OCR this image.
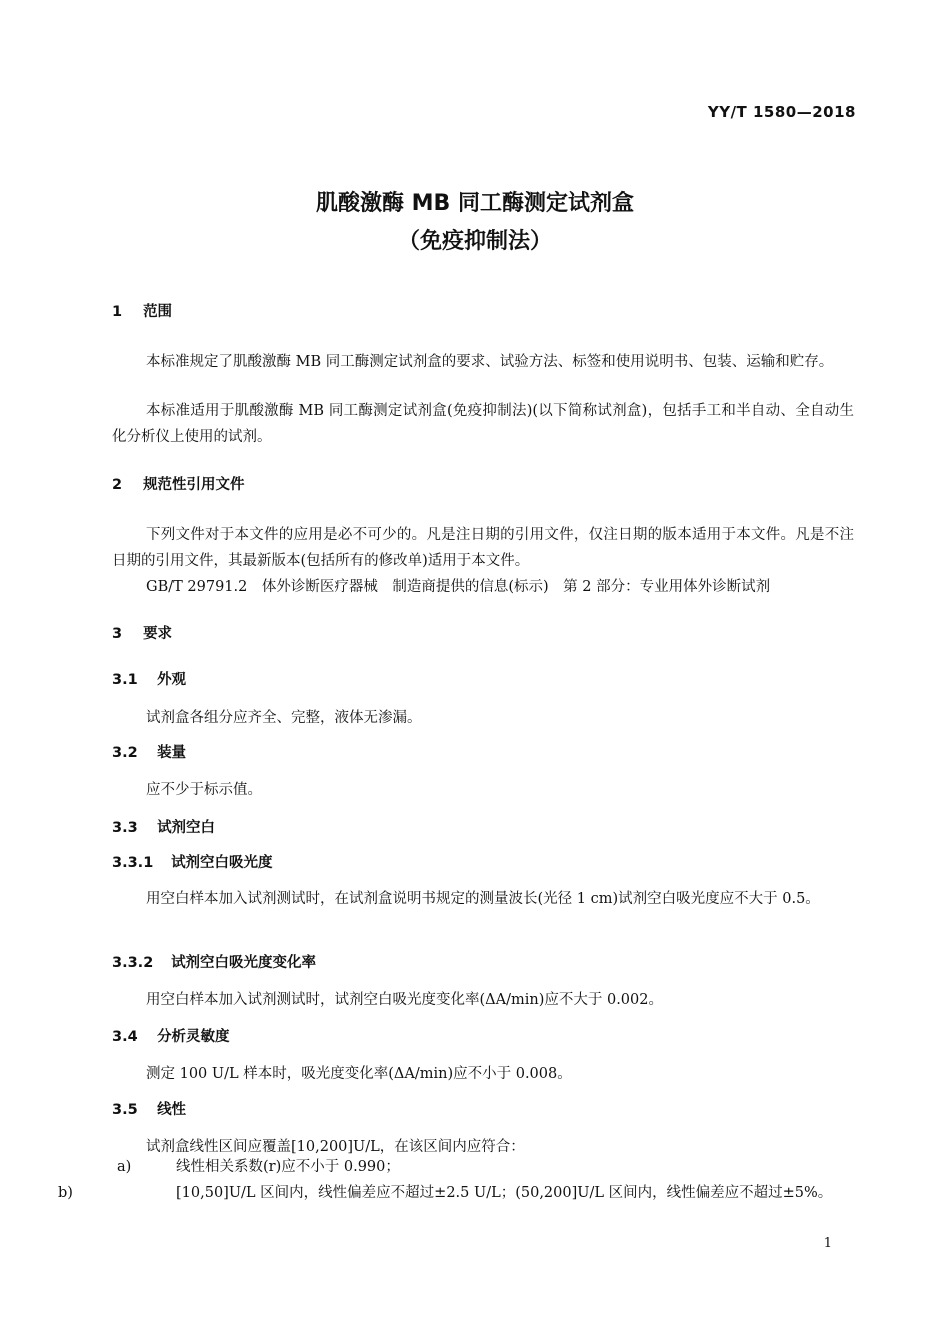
YY/T 1580—2018
肌酸激酶 MB 同工酶测定试剂盒
（免疫抑制法）
1 范围
本标准规定了肌酸激酶 MB 同工酶测定试剂盒的要求、试验方法、标签和使用说明书、包装、运输和贮存。
本标准适用于肌酸激酶 MB 同工酶测定试剂盒(免疫抑制法)(以下简称试剂盒)，包括手工和半自动、全自动生化分析仪上使用的试剂。
2 规范性引用文件
下列文件对于本文件的应用是必不可少的。凡是注日期的引用文件，仅注日期的版本适用于本文件。凡是不注日期的引用文件，其最新版本(包括所有的修改单)适用于本文件。
GB/T 29791.2　体外诊断医疗器械　制造商提供的信息(标示)　第 2 部分：专业用体外诊断试剂
3 要求
3.1 外观
试剂盒各组分应齐全、完整，液体无渗漏。
3.2 装量
应不少于标示值。
3.3 试剂空白
3.3.1 试剂空白吸光度
用空白样本加入试剂测试时，在试剂盒说明书规定的测量波长(光径 1 cm)试剂空白吸光度应不大于 0.5。
3.3.2 试剂空白吸光度变化率
用空白样本加入试剂测试时，试剂空白吸光度变化率(ΔA/min)应不大于 0.002。
3.4 分析灵敏度
测定 100 U/L 样本时，吸光度变化率(ΔA/min)应不小于 0.008。
3.5 线性
试剂盒线性区间应覆盖[10,200]U/L，在该区间内应符合：
a)	线性相关系数(r)应不小于 0.990；
b)	[10,50]U/L 区间内，线性偏差应不超过±2.5 U/L；(50,200]U/L 区间内，线性偏差应不超过±5%。
1
